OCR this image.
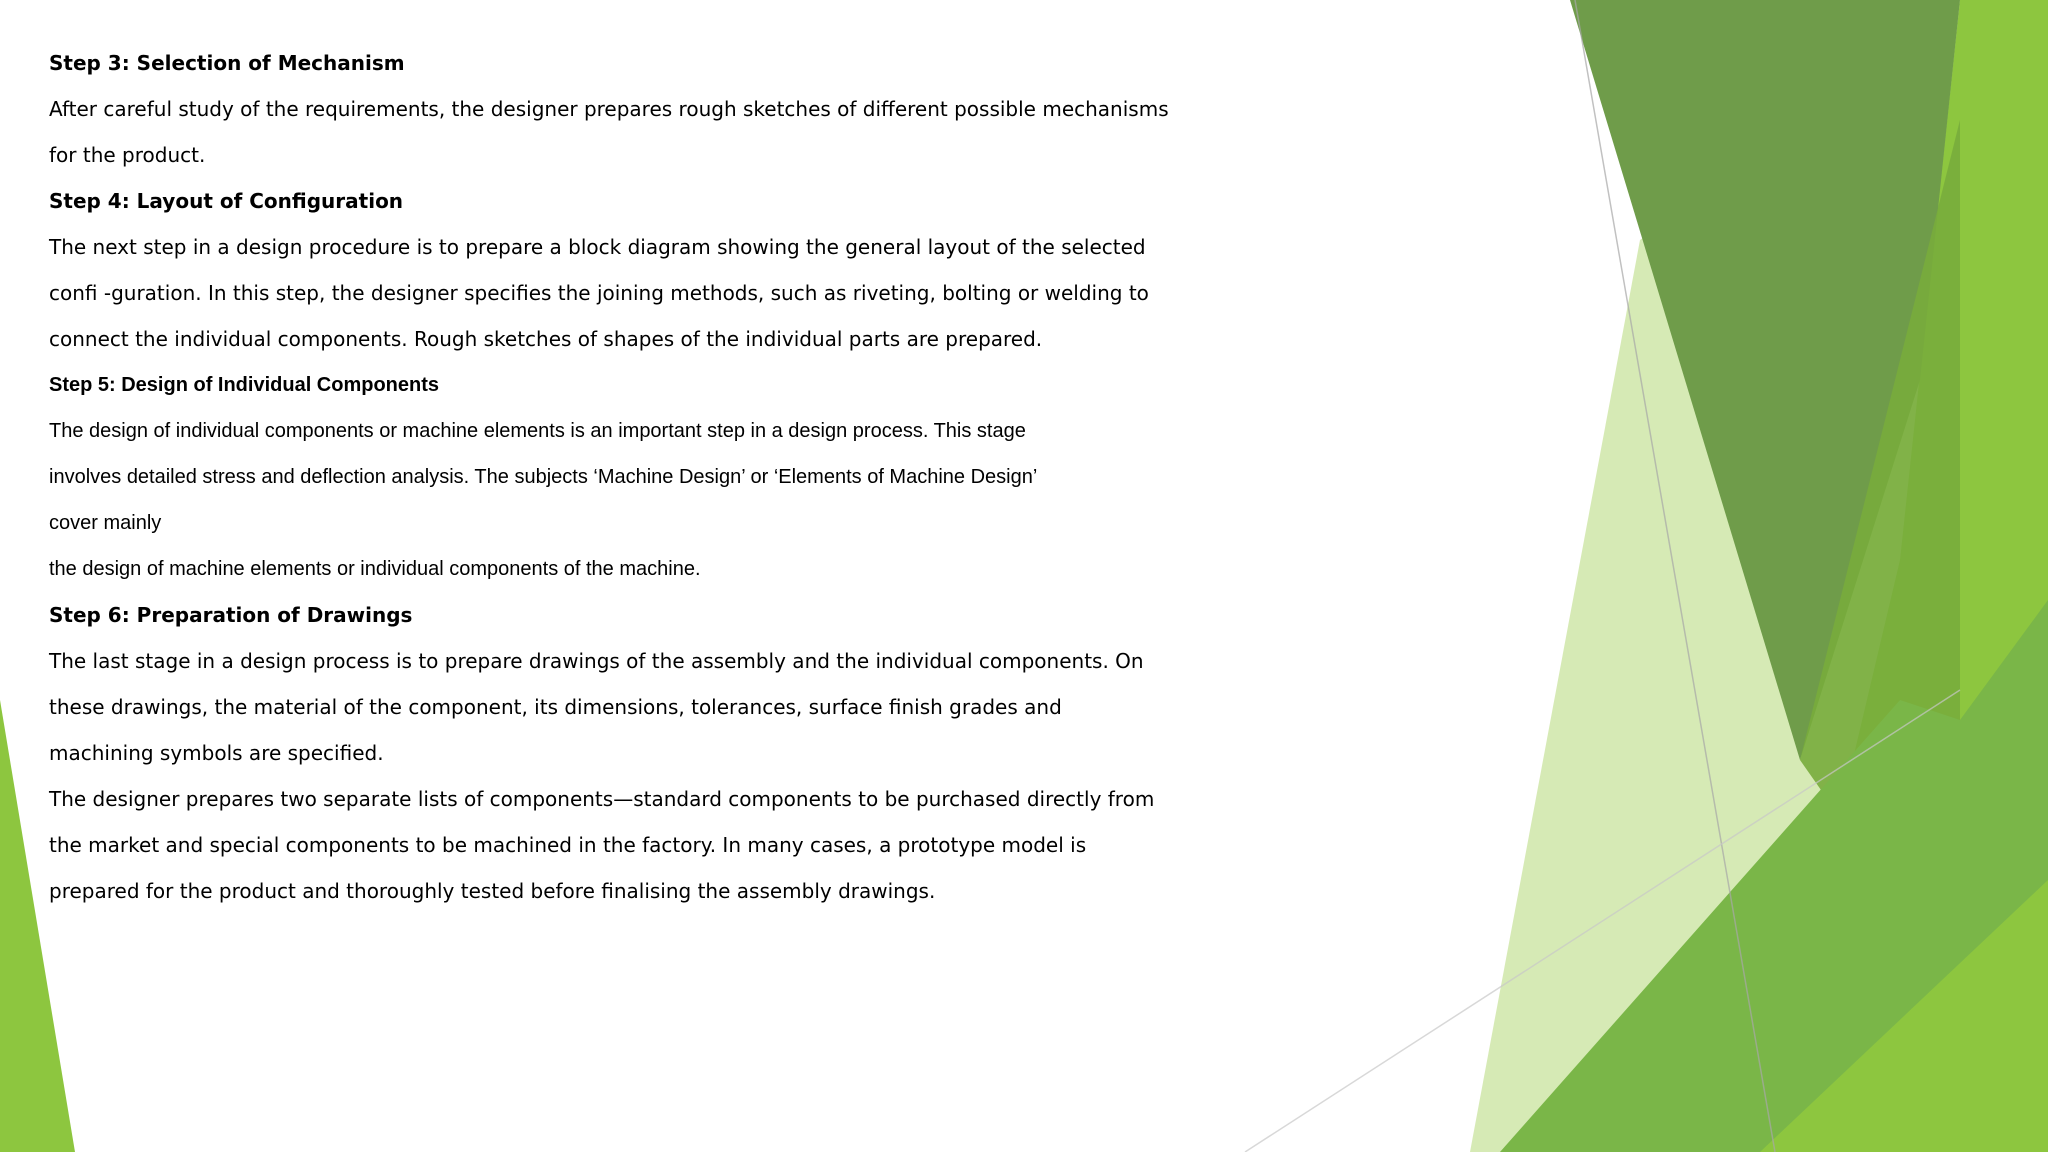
Step 3: Selection of Mechanism
After careful study of the requirements, the designer prepares rough sketches of different possible mechanisms
for the product.
Step 4: Layout of Configuration
The next step in a design procedure is to prepare a block diagram showing the general layout of the selected
confi -guration. In this step, the designer specifies the joining methods, such as riveting, bolting or welding to
connect the individual components. Rough sketches of shapes of the individual parts are prepared.
Step 5: Design of Individual Components
The design of individual components or machine elements is an important step in a design process. This stage
involves detailed stress and deflection analysis. The subjects ‘Machine Design’ or ‘Elements of Machine Design’
cover mainly
the design of machine elements or individual components of the machine.
Step 6: Preparation of Drawings
The last stage in a design process is to prepare drawings of the assembly and the individual components. On
these drawings, the material of the component, its dimensions, tolerances, surface finish grades and
machining symbols are specified.
The designer prepares two separate lists of components—standard components to be purchased directly from
the market and special components to be machined in the factory. In many cases, a prototype model is
prepared for the product and thoroughly tested before finalising the assembly drawings.
